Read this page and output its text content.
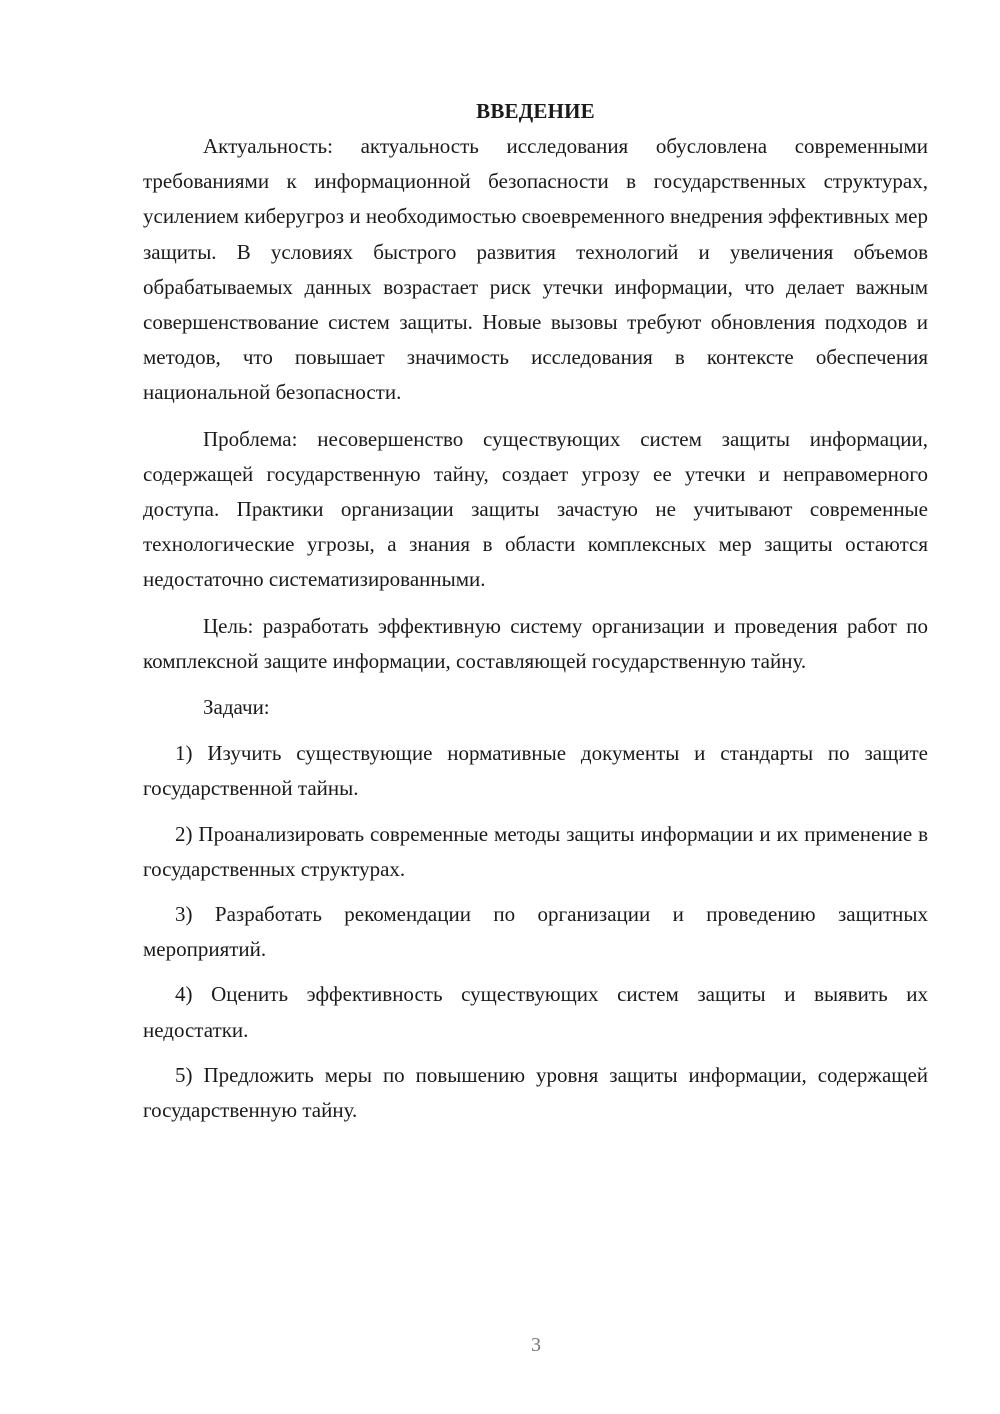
ВВЕДЕНИЕ

Актуальность: актуальность исследования обусловлена современными требованиями к информационной безопасности в государственных структурах, усилением киберугроз и необходимостью своевременного внедрения эффективных мер защиты. В условиях быстрого развития технологий и увеличения объемов обрабатываемых данных возрастает риск утечки информации, что делает важным совершенствование систем защиты. Новые вызовы требуют обновления подходов и методов, что повышает значимость исследования в контексте обеспечения национальной безопасности.

Проблема: несовершенство существующих систем защиты информации, содержащей государственную тайну, создает угрозу ее утечки и неправомерного доступа. Практики организации защиты зачастую не учитывают современные технологические угрозы, а знания в области комплексных мер защиты остаются недостаточно систематизированными.

Цель: разработать эффективную систему организации и проведения работ по комплексной защите информации, составляющей государственную тайну.

Задачи:

1) Изучить существующие нормативные документы и стандарты по защите государственной тайны.
2) Проанализировать современные методы защиты информации и их применение в государственных структурах.
3) Разработать рекомендации по организации и проведению защитных мероприятий.
4) Оценить эффективность существующих систем защиты и выявить их недостатки.
5) Предложить меры по повышению уровня защиты информации, содержащей государственную тайну.
3
